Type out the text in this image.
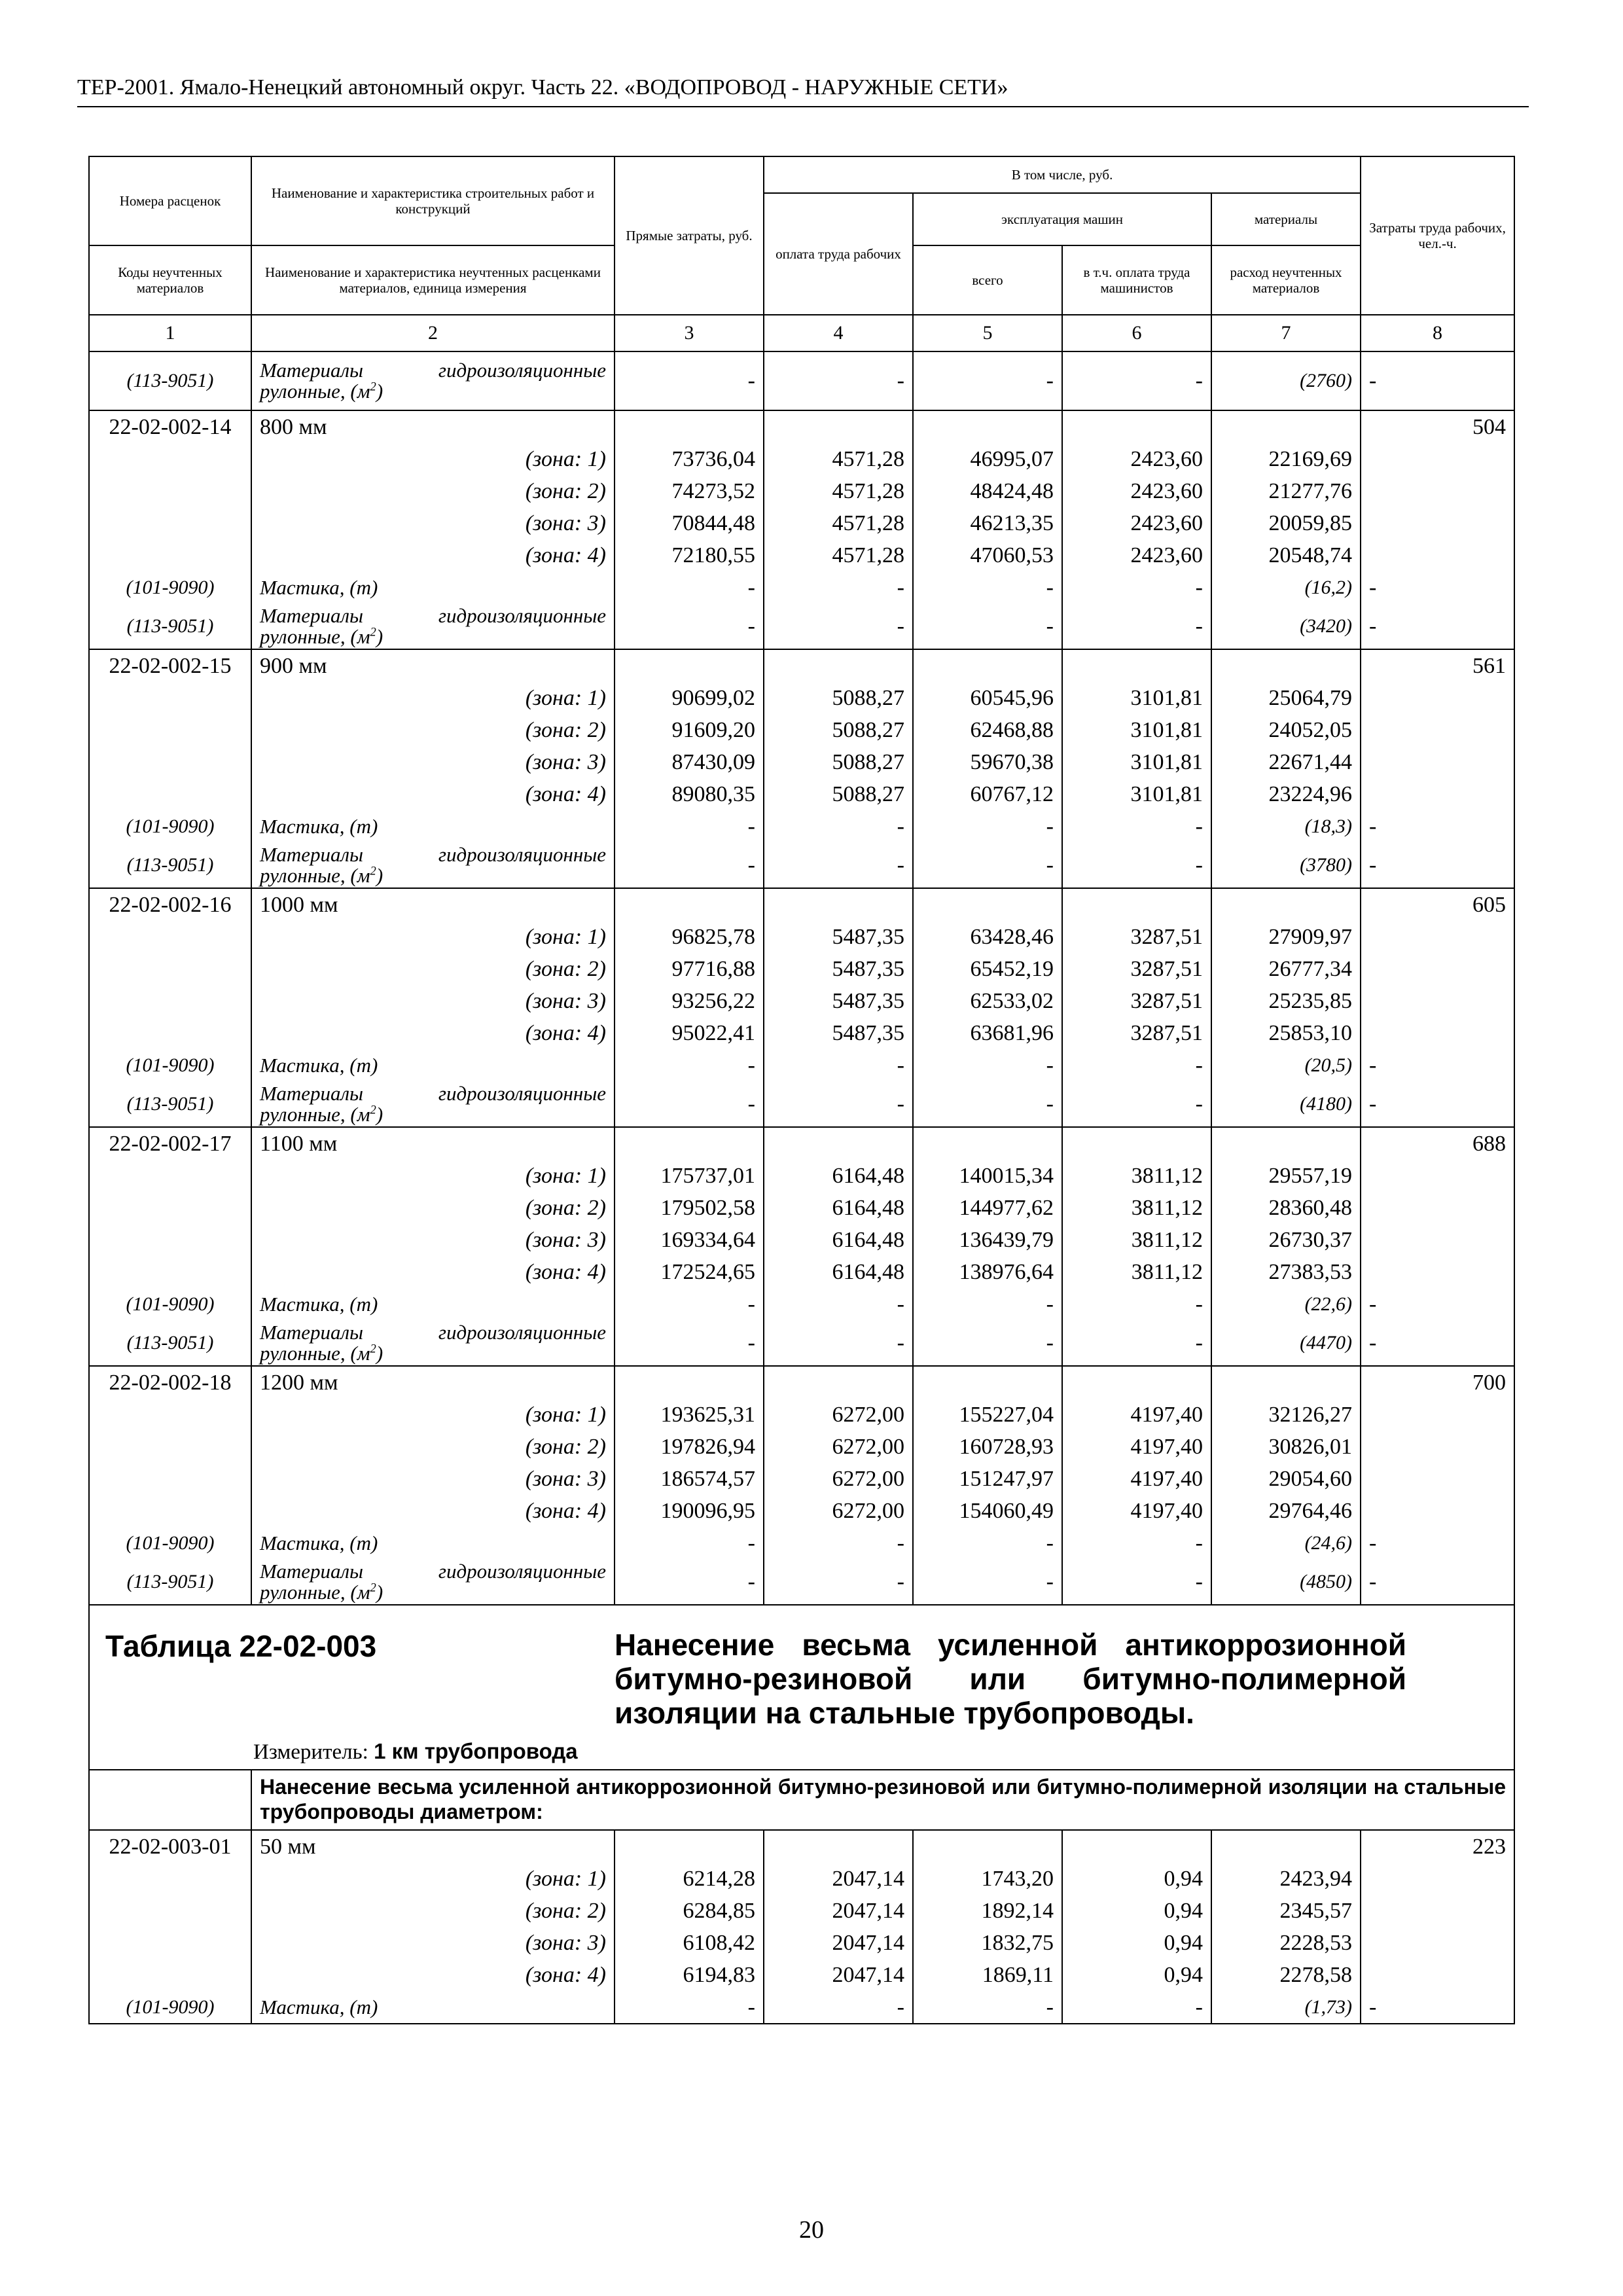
ТЕР-2001. Ямало-Ненецкий автономный округ. Часть 22. «ВОДОПРОВОД - НАРУЖНЫЕ СЕТИ»
Номера расценок	Наименование и характеристика строительных работ и конструкций	Прямые затраты, руб.	В том числе, руб.				Затраты труда рабочих, чел.-ч.
			оплата труда рабочих	эксплуатация машин		материалы	
Коды неучтенных материалов	Наименование и характеристика неучтенных расценками материалов, единица измерения			всего	в т.ч. оплата труда машинистов	расход неучтенных материалов	
1	2	3	4	5	6	7	8
(113-9051)	Материалы гидроизоляционные рулонные, $(м^2)$	-	-	-	-	(2760)	-
22-02-002-14	800 мм						504
	(зона: 1)	73736,04	4571,28	46995,07	2423,60	22169,69	
	(зона: 2)	74273,52	4571,28	48424,48	2423,60	21277,76	
	(зона: 3)	70844,48	4571,28	46213,35	2423,60	20059,85	
	(зона: 4)	72180,55	4571,28	47060,53	2423,60	20548,74	
(101-9090)	Мастика, (т)	-	-	-	-	(16,2)	-
(113-9051)	Материалы гидроизоляционные рулонные, $(м^2)$	-	-	-	-	(3420)	-
22-02-002-15	900 мм						561
	(зона: 1)	90699,02	5088,27	60545,96	3101,81	25064,79	
	(зона: 2)	91609,20	5088,27	62468,88	3101,81	24052,05	
	(зона: 3)	87430,09	5088,27	59670,38	3101,81	22671,44	
	(зона: 4)	89080,35	5088,27	60767,12	3101,81	23224,96	
(101-9090)	Мастика, (т)	-	-	-	-	(18,3)	-
(113-9051)	Материалы гидроизоляционные рулонные, $(м^2)$	-	-	-	-	(3780)	-
22-02-002-16	1000 мм						605
	(зона: 1)	96825,78	5487,35	63428,46	3287,51	27909,97	
	(зона: 2)	97716,88	5487,35	65452,19	3287,51	26777,34	
	(зона: 3)	93256,22	5487,35	62533,02	3287,51	25235,85	
	(зона: 4)	95022,41	5487,35	63681,96	3287,51	25853,10	
(101-9090)	Мастика, (т)	-	-	-	-	(20,5)	-
(113-9051)	Материалы гидроизоляционные рулонные, $(м^2)$	-	-	-	-	(4180)	-
22-02-002-17	1100 мм						688
	(зона: 1)	175737,01	6164,48	140015,34	3811,12	29557,19	
	(зона: 2)	179502,58	6164,48	144977,62	3811,12	28360,48	
	(зона: 3)	169334,64	6164,48	136439,79	3811,12	26730,37	
	(зона: 4)	172524,65	6164,48	138976,64	3811,12	27383,53	
(101-9090)	Мастика, (т)	-	-	-	-	(22,6)	-
(113-9051)	Материалы гидроизоляционные рулонные, $(м^2)$	-	-	-	-	(4470)	-
22-02-002-18	1200 мм						700
	(зона: 1)	193625,31	6272,00	155227,04	4197,40	32126,27	
	(зона: 2)	197826,94	6272,00	160728,93	4197,40	30826,01	
	(зона: 3)	186574,57	6272,00	151247,97	4197,40	29054,60	
	(зона: 4)	190096,95	6272,00	154060,49	4197,40	29764,46	
(101-9090)	Мастика, (т)	-	-	-	-	(24,6)	-
(113-9051)	Материалы гидроизоляционные рулонные, $(м^2)$	-	-	-	-	(4850)	-

Таблица 22-02-003 Нанесение весьма усиленной антикоррозионной битумно-резиновой или битумно-полимерной изоляции на стальные трубопроводы.
Измеритель: 1 км трубопровода							

	Нанесение весьма усиленной антикоррозионной битумно-резиновой или битумно-полимерной изоляции на стальные трубопроводы диаметром:						
22-02-003-01	50 мм						223
	(зона: 1)	6214,28	2047,14	1743,20	0,94	2423,94	
	(зона: 2)	6284,85	2047,14	1892,14	0,94	2345,57	
	(зона: 3)	6108,42	2047,14	1832,75	0,94	2228,53	
	(зона: 4)	6194,83	2047,14	1869,11	0,94	2278,58	
(101-9090)	Мастика, (т)	-	-	-	-	(1,73)	-
20
